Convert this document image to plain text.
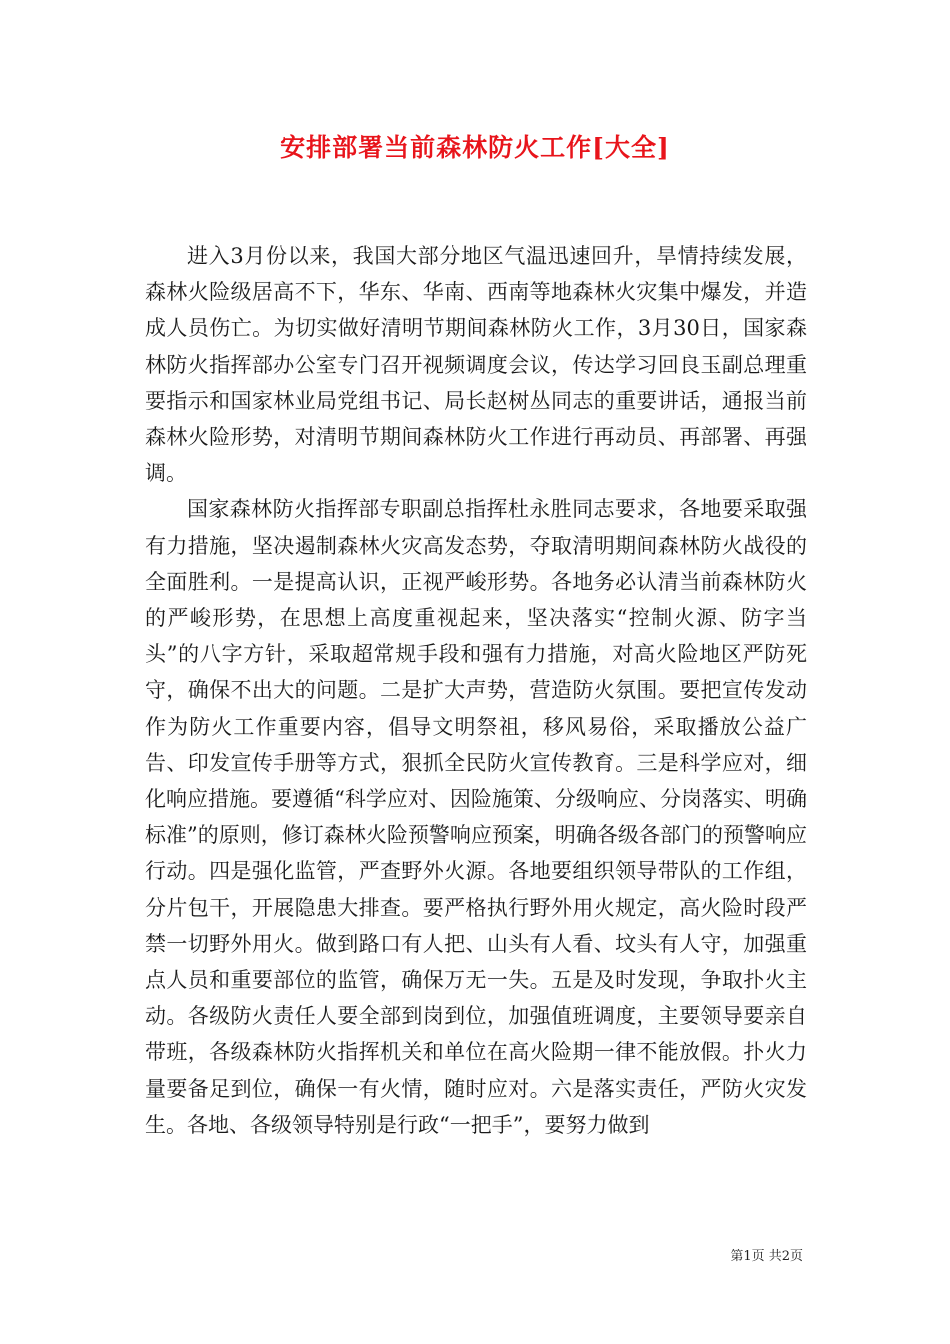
安排部署当前森林防火工作[大全]

进入3月份以来，我国大部分地区气温迅速回升，旱情持续发展，森林火险级居高不下，华东、华南、西南等地森林火灾集中爆发，并造成人员伤亡。为切实做好清明节期间森林防火工作，3月30日，国家森林防火指挥部办公室专门召开视频调度会议，传达学习回良玉副总理重要指示和国家林业局党组书记、局长赵树丛同志的重要讲话，通报当前森林火险形势，对清明节期间森林防火工作进行再动员、再部署、再强调。

国家森林防火指挥部专职副总指挥杜永胜同志要求，各地要采取强有力措施，坚决遏制森林火灾高发态势，夺取清明期间森林防火战役的全面胜利。一是提高认识，正视严峻形势。各地务必认清当前森林防火的严峻形势，在思想上高度重视起来，坚决落实“控制火源、防字当头”的八字方针，采取超常规手段和强有力措施，对高火险地区严防死守，确保不出大的问题。二是扩大声势，营造防火氛围。要把宣传发动作为防火工作重要内容，倡导文明祭祖，移风易俗，采取播放公益广告、印发宣传手册等方式，狠抓全民防火宣传教育。三是科学应对，细化响应措施。要遵循“科学应对、因险施策、分级响应、分岗落实、明确标准”的原则，修订森林火险预警响应预案，明确各级各部门的预警响应行动。四是强化监管，严查野外火源。各地要组织领导带队的工作组，分片包干，开展隐患大排查。要严格执行野外用火规定，高火险时段严禁一切野外用火。做到路口有人把、山头有人看、坟头有人守，加强重点人员和重要部位的监管，确保万无一失。五是及时发现，争取扑火主动。各级防火责任人要全部到岗到位，加强值班调度，主要领导要亲自带班，各级森林防火指挥机关和单位在高火险期一律不能放假。扑火力量要备足到位，确保一有火情，随时应对。六是落实责任，严防火灾发生。各地、各级领导特别是行政“一把手”，要努力做到

第1页 共2页
